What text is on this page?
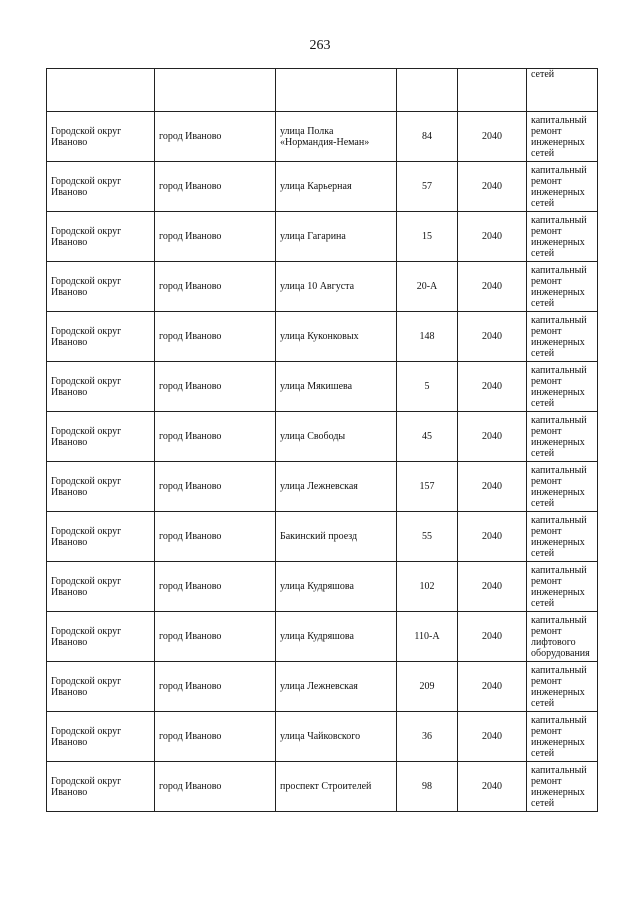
263
					сетей
Городской округ Иваново	город Иваново	улица Полка «Нормандия-Неман»	84	2040	капитальный ремонт инженерных сетей
Городской округ Иваново	город Иваново	улица Карьерная	57	2040	капитальный ремонт инженерных сетей
Городской округ Иваново	город Иваново	улица Гагарина	15	2040	капитальный ремонт инженерных сетей
Городской округ Иваново	город Иваново	улица 10 Августа	20-А	2040	капитальный ремонт инженерных сетей
Городской округ Иваново	город Иваново	улица Куконковых	148	2040	капитальный ремонт инженерных сетей
Городской округ Иваново	город Иваново	улица Мякишева	5	2040	капитальный ремонт инженерных сетей
Городской округ Иваново	город Иваново	улица Свободы	45	2040	капитальный ремонт инженерных сетей
Городской округ Иваново	город Иваново	улица Лежневская	157	2040	капитальный ремонт инженерных сетей
Городской округ Иваново	город Иваново	Бакинский проезд	55	2040	капитальный ремонт инженерных сетей
Городской округ Иваново	город Иваново	улица Кудряшова	102	2040	капитальный ремонт инженерных сетей
Городской округ Иваново	город Иваново	улица Кудряшова	110-А	2040	капитальный ремонт лифтового оборудования
Городской округ Иваново	город Иваново	улица Лежневская	209	2040	капитальный ремонт инженерных сетей
Городской округ Иваново	город Иваново	улица Чайковского	36	2040	капитальный ремонт инженерных сетей
Городской округ Иваново	город Иваново	проспект Строителей	98	2040	капитальный ремонт инженерных сетей
